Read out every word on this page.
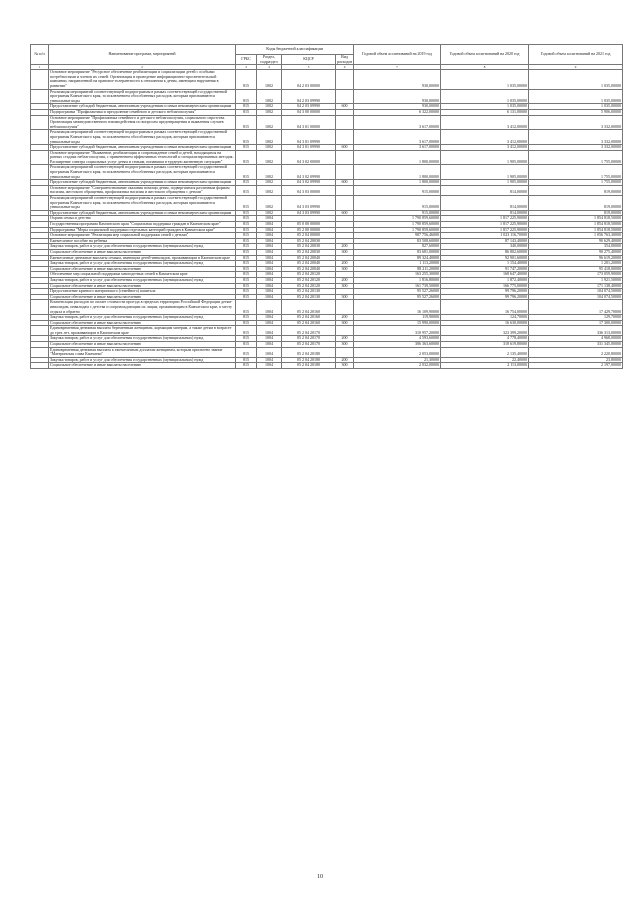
№ п/п	Наименование программ, мероприятий	Коды бюджетной классификации				Годовой объем ассигнований на 2019 год	Годовой объем ассигнований на 2020 год	Годовой объем ассигнований на 2021 год
		ГРБС	Раздел, подраздел	КЦСР	Вид расходов			
1	2	3	4	5	6	7	8	9
	Основное мероприятие "Ресурсное обеспечение реабилитации и социализации детей с особыми потребностями и членов их семей. Организация и проведение информационно-просветительской кампании, направленной на правовое толерантности к отношении к детям, имеющим нарушения в развитии"	815	1002	04 2 03 00000		930,00000	1 035,00000	1 035,00000
	Реализация мероприятий соответствующей подпрограммы в рамках соответствующей государственной программы Камчатского края, за исключением обособленных расходов, которым присваиваются уникальные коды	815	1002	04 2 03 09990		930,00000	1 035,00000	1 035,00000
	Предоставление субсидий бюджетным, автономным учреждениям и иным некоммерческим организациям	815	1002	04 2 03 09990	600	930,00000	1 035,00000	1 035,00000
	Подпрограмма "Профилактика и преодоление семейного и детского неблагополучия"	815	1002	04 3 00 00000		6 322,00000	6 131,00000	5 906,00000
	Основное мероприятие "Профилактика семейного и детского неблагополучия, социального сиротства. Организация межведомственного взаимодействия по вопросам предотвращения и выявления случаев неблагополучия"	815	1002	04 3 01 00000		3 617,00000	3 412,00000	3 332,00000
	Реализация мероприятий соответствующей подпрограммы в рамках соответствующей государственной программы Камчатского края, за исключением обособленных расходов, которым присваиваются уникальные коды	815	1002	04 3 01 09990		3 617,00000	3 412,00000	3 332,00000
	Предоставление субсидий бюджетным, автономным учреждениям и иным некоммерческим организациям	815	1002	04 3 01 09990	600	3 617,00000	3 412,00000	3 332,00000
	Основное мероприятие "Выявление, реабилитация и сопровождение семей и детей, находящихся на разных стадиях неблагополучия, с применением эффективных технологий и специализированных методик. Расширение спектра социальных услуг детям и семьям, попавшим в трудную жизненную ситуацию"	815	1002	04 3 02 00000		1 800,00000	1 905,00000	1 755,00000
	Реализация мероприятий соответствующей подпрограммы в рамках соответствующей государственной программы Камчатского края, за исключением обособленных расходов, которым присваиваются уникальные коды	815	1002	04 3 02 09990		1 800,00000	1 905,00000	1 755,00000
	Предоставление субсидий бюджетным, автономным учреждениям и иным некоммерческим организациям	815	1002	04 3 02 09990	600	1 800,00000	1 905,00000	1 755,00000
	Основное мероприятие "Совершенствование оказания помощи детям, подвергшимся различным формам насилия, жестокого обращения, профилактика насилия и жестокого обращения с детьми"	815	1002	04 3 03 00000		915,00000	814,00000	819,00000
	Реализация мероприятий соответствующей подпрограммы в рамках соответствующей государственной программы Камчатского края, за исключением обособленных расходов, которым присваиваются уникальные коды	815	1002	04 3 03 09990		915,00000	814,00000	819,00000
	Предоставление субсидий бюджетным, автономным учреждениям и иным некоммерческим организациям	815	1002	04 3 03 09990	600	915,00000	814,00000	819,00000
	Охрана семьи и детства	815	1004			1 790 859,60000	1 817 225,90000	1 854 818,50000
	Государственная программа Камчатского края "Социальная поддержка граждан в Камчатском крае"	815	1004	05 0 00 00000		1 790 859,60000	1 817 225,90000	1 854 818,50000
	Подпрограмма "Меры социальной поддержки отдельных категорий граждан в Камчатском крае"	815	1004	05 2 00 00000		1 790 859,60000	1 817 225,90000	1 854 818,50000
	Основное мероприятие "Реализация мер социальной поддержки семей с детьми"	815	1004	05 2 04 00000		987 756,46000	1 023 116,70000	1 056 763,30000
	Ежемесячное пособие на ребенка	815	1004	05 2 04 20030		83 508,60000	87 143,40000	90 629,40000
	Закупка товаров, работ и услуг для обеспечения государственных (муниципальных) нужд	815	1004	05 2 04 20030	200	827,60000	340,00000	354,00000
	Социальное обеспечение и иные выплаты населению	815	1004	05 2 04 20030	300	83 681,00000	86 802,60000	90 275,40000
	Ежемесячные денежные выплаты семьям, имеющим детей-инвалидов, проживающим в Камчатском крае	815	1004	05 2 04 20040		89 324,40000	92 901,60000	96 619,20000
	Закупка товаров, работ и услуг для обеспечения государственных (муниципальных) нужд	815	1004	05 2 04 20040	200	1 113,20000	1 154,40000	1 201,20000
	Социальное обеспечение и иные выплаты населению	815	1004	05 2 04 20040	300	88 211,20000	91 747,20000	95 418,00000
	Обеспечение мер социальной поддержки многодетных семей в Камчатском крае	815	1004	05 2 04 20120		163 255,30000	168 647,40000	173 059,90000
	Закупка товаров, работ и услуг для обеспечения государственных (муниципальных) нужд	815	1004	05 2 04 20120	200	1 816,80000	1 872,40000	1 921,50000
	Социальное обеспечение и иные выплаты населению	815	1004	05 2 04 20120	300	161 739,50000	166 775,00000	171 138,40000
	Предоставление краевого материнского (семейного) капитала	815	1004	05 2 04 20130		95 527,26000	99 796,20000	104 074,50000
	Социальное обеспечение и иные выплаты населению	815	1004	05 2 04 20130	300	95 527,26000	99 796,20000	104 074,50000
	Компенсация расходов по оплате стоимости проезда в пределах территории Российской Федерации детям-инвалидам, инвалидам с детства и сопровождающим их лицам, проживающим в Камчатском крае, к месту отдыха и обратно	815	1004	05 2 04 20160		16 109,90000	16 754,00000	17 429,70000
	Закупка товаров, работ и услуг для обеспечения государственных (муниципальных) нужд	815	1004	05 2 04 20160	200	119,90000	124,70000	129,70000
	Социальное обеспечение и иные выплаты населению	815	1004	05 2 04 20160	300	15 990,00000	16 630,00000	17 300,00000
	Единовременная денежная выплата беременным женщинам, кормящим матерям, а также детям в возрасте до трех лет, проживающим в Камчатском крае	815	1004	05 2 04 20170		310 957,20000	323 399,20000	336 313,00000
	Закупка товаров, работ и услуг для обеспечения государственных (муниципальных) нужд	815	1004	05 2 04 20170	200	4 593,60000	4 778,40000	4 968,00000
	Социальное обеспечение и иные выплаты населению	815	1004	05 2 04 20170	300	306 363,60000	318 619,80000	331 345,00000
	Единовременная денежная выплата к ежемесячным доплатам женщинам, которым присвоено звание "Материнская слава Камчатки"	815	1004	05 2 04 20180		2 053,00000	2 135,40000	2 220,80000
	Закупка товаров, работ и услуг для обеспечения государственных (муниципальных) нужд	815	1004	05 2 04 20180	200	21,30000	22,40000	23,80000
	Социальное обеспечение и иные выплаты населению	815	1004	05 2 04 20180	300	2 032,00000	2 113,00000	2 197,00000
10
